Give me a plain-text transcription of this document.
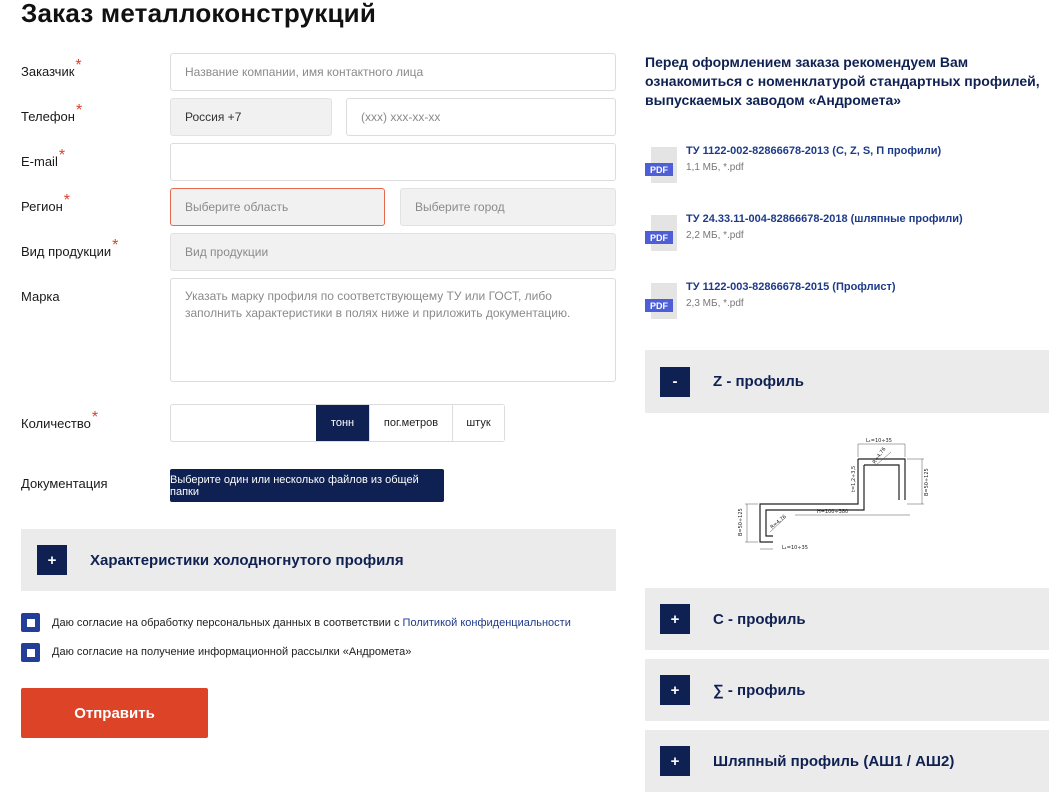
Заказ металлоконструкций
Заказчик*	Название компании, имя контактного лица
Телефон*	Россия +7	(xxx) xxx-xx-xx
E-mail*
Регион*	Выберите область	Выберите город
Вид продукции*	Вид продукции
Марка	Указать марку профиля по соответствующему ТУ или ГОСТ, либо заполнить характеристики в полях ниже и приложить документацию.
Количество*	тонн	пог.метров	штук
Документация	Выберите один или несколько файлов из общей папки
+	Характеристики холодногнутого профиля
Даю согласие на обработку персональных данных в соответствии с Политикой конфиденциальности
Даю согласие на получение информационной рассылки «Андромета»
Отправить
Перед оформлением заказа рекомендуем Вам ознакомиться с номенклатурой стандартных профилей, выпускаемых заводом «Андромета»
PDF
ТУ 1122-002-82866678-2013 (С, Z, S, П профили)
1,1 МБ, *.pdf
PDF
ТУ 24.33.11-004-82866678-2018 (шляпные профили)
2,2 МБ, *.pdf
PDF
ТУ 1122-003-82866678-2015 (Профлист)
2,3 МБ, *.pdf
-	Z - профиль
L₁=10÷35
R=4,76
t=1,2÷3,5	B=50÷125
H=100÷380
B=50÷125	R=4,76
L₁=10÷35
+	С - профиль
+	∑ - профиль
+	Шляпный профиль (АШ1 / АШ2)
